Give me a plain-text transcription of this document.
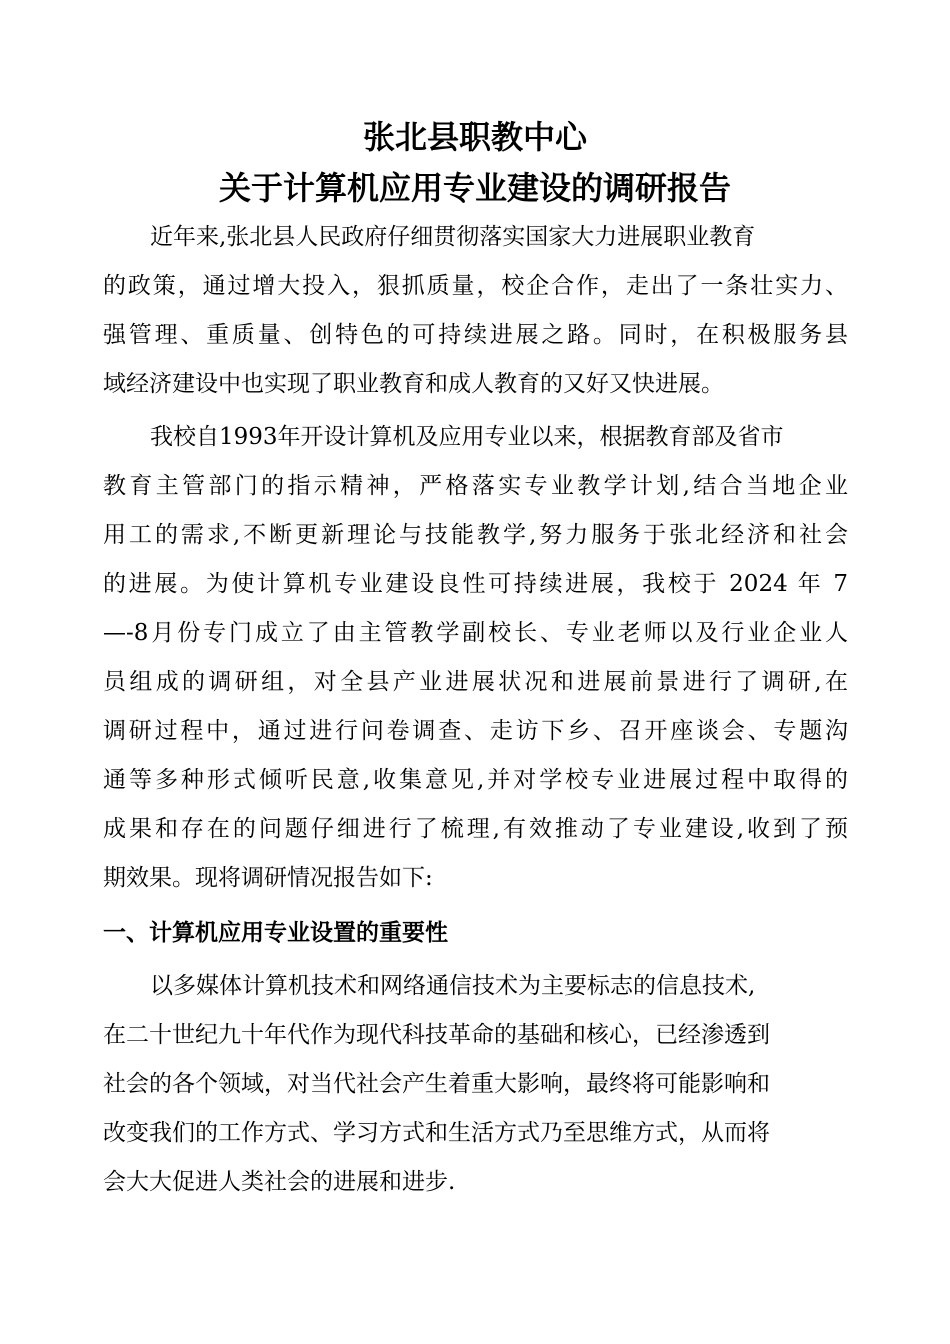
张北县职教中心
关于计算机应用专业建设的调研报告
近年来,张北县人民政府仔细贯彻落实国家大力进展职业教育
的政策，通过增大投入，狠抓质量，校企合作，走出了一条壮实力、
强管理、重质量、创特色的可持续进展之路。同时，在积极服务县
域经济建设中也实现了职业教育和成人教育的又好又快进展。
我校自1993年开设计算机及应用专业以来，根据教育部及省市
教育主管部门的指示精神，严格落实专业教学计划,结合当地企业
用工的需求,不断更新理论与技能教学,努力服务于张北经济和社会
的进展。为使计算机专业建设良性可持续进展，我校于 2024 年 7
—-8月份专门成立了由主管教学副校长、专业老师以及行业企业人
员组成的调研组，对全县产业进展状况和进展前景进行了调研,在
调研过程中，通过进行问卷调查、走访下乡、召开座谈会、专题沟
通等多种形式倾听民意,收集意见,并对学校专业进展过程中取得的
成果和存在的问题仔细进行了梳理,有效推动了专业建设,收到了预
期效果。现将调研情况报告如下:
一、计算机应用专业设置的重要性
以多媒体计算机技术和网络通信技术为主要标志的信息技术,
在二十世纪九十年代作为现代科技革命的基础和核心，已经渗透到
社会的各个领域，对当代社会产生着重大影响，最终将可能影响和
改变我们的工作方式、学习方式和生活方式乃至思维方式，从而将
会大大促进人类社会的进展和进步.
